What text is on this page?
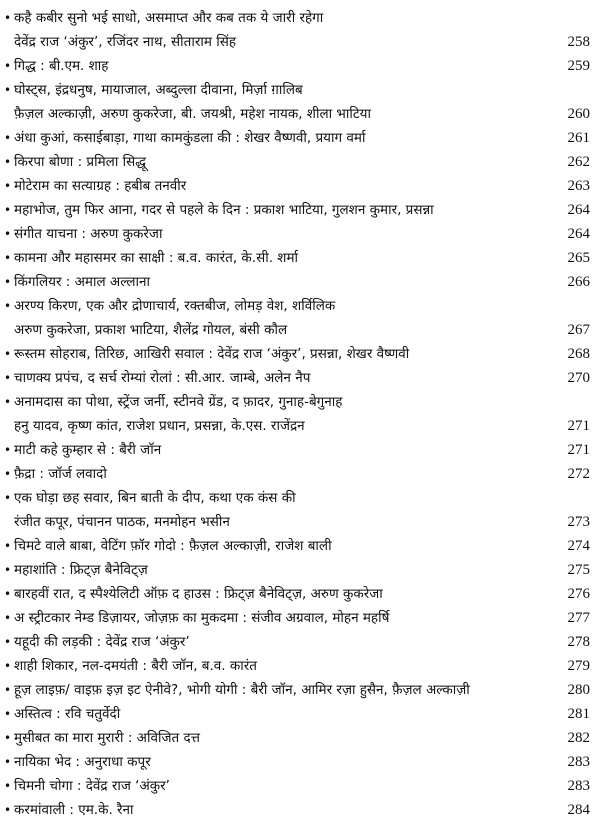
• कहै कबीर सुनो भई साधो, असमाप्त और कब तक ये जारी रहेगा
देवेंद्र राज ‘अंकुर’, रजिंदर नाथ, सीताराम सिंह	258
• गिद्ध : बी.एम. शाह	259
• घोस्ट्स, इंद्रधनुष, मायाजाल, अब्दुल्ला दीवाना, मिर्ज़ा ग़ालिब
फ़ैज़ल अल्काज़ी, अरुण कुकरेजा, बी. जयश्री, महेश नायक, शीला भाटिया	260
• अंधा कुआं, कसाईबाड़ा, गाथा कामकुंडला की : शेखर वैष्णवी, प्रयाग वर्मा	261
• किरपा बोणा : प्रमिला सिद्धू	262
• मोटेराम का सत्याग्रह : हबीब तनवीर	263
• महाभोज, तुम फिर आना, गदर से पहले के दिन : प्रकाश भाटिया, गुलशन कुमार, प्रसन्ना	264
• संगीत याचना : अरुण कुकरेजा	264
• कामना और महासमर का साक्षी : ब.व. कारंत, के.सी. शर्मा	265
• किंगलियर : अमाल अल्लाना	266
• अरण्य किरण, एक और द्रोणाचार्य, रक्तबीज, लोमड़ वेश, शर्विलिक
अरुण कुकरेजा, प्रकाश भाटिया, शैलेंद्र गोयल, बंसी कौल	267
• रूस्तम सोहराब, तिरिछ, आखिरी सवाल : देवेंद्र राज ‘अंकुर’, प्रसन्ना, शेखर वैष्णवी	268
• चाणक्य प्रपंच, द सर्च रोम्यां रोलां : सी.आर. जाम्बे, अलेन नैप	270
• अनामदास का पोथा, स्ट्रेंज जर्नी, स्टीनवे ग्रेंड, द फ़ादर, गुनाह-बेगुनाह
हनु यादव, कृष्ण कांत, राजेश प्रधान, प्रसन्ना, के.एस. राजेंद्रन	271
• माटी कहे कुम्हार से : बैरी जॉन	271
• फ़ैद्रा : जॉर्ज लवादो	272
• एक घोड़ा छह सवार, बिन बाती के दीप, कथा एक कंस की
रंजीत कपूर, पंचानन पाठक, मनमोहन भसीन	273
• चिमटे वाले बाबा, वेटिंग फ़ॉर गोदो : फ़ैज़ल अल्काज़ी, राजेश बाली	274
• महाशांति : फ्रिट्ज़ बैनेविट्ज़	275
• बारहवीं रात, द स्पैश्येलिटी ऑफ़ द हाउस : फ्रिट्ज़ बैनेविट्ज़, अरुण कुकरेजा	276
• अ स्ट्रीटकार नेम्ड डिज़ायर, जोज़फ़ का मुकदमा : संजीव अग्रवाल, मोहन महर्षि	277
• यहूदी की लड़की : देवेंद्र राज ‘अंकुर’	278
• शाही शिकार, नल-दमयंती : बैरी जॉन, ब.व. कारंत	279
• हूज़ लाइफ़/ वाइफ़ इज़ इट ऐनीवे?, भोगी योगी : बैरी जॉन, आमिर रज़ा हुसैन, फ़ैज़ल अल्काज़ी	280
• अस्तित्व : रवि चतुर्वेदी	281
• मुसीबत का मारा मुरारी : अविजित दत्त	282
• नायिका भेद : अनुराधा कपूर	283
• चिमनी चोगा : देवेंद्र राज ‘अंकुर’	283
• करमांवाली : एम.के. रैना	284
